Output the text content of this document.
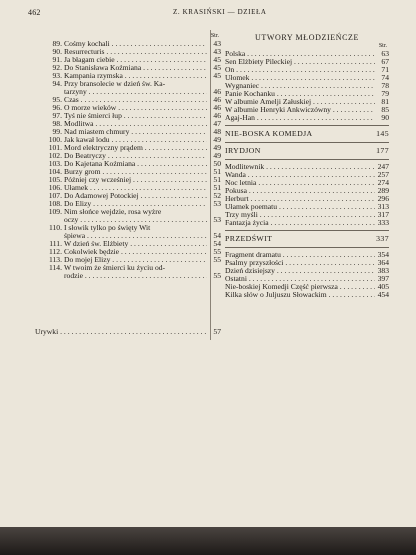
462	Z. KRASIŃSKI — DZIEŁA
Str.
89. Cośmy kochali . . .	43
90. Resurrecturis . . .	43
91. Ja błagam ciebie . . .	45
92. Do Stanisława Koźmiana . . .	45
93. Kampania rzymska . . .	45
94. Przy bransolecie w dzień św. Ka-
tarzyny . . .	46
95. Czas . . .	46
96. O morze wieków . . .	46
97. Tyś nie śmierci łup . . .	46
98. Modlitwa . . .	47
99. Nad miastem chmury . . .	48
100. Jak kawał lodu . . .	49
101. Mord elektryczny prądem . . .	49
102. Do Beatryczy . . .	49
103. Do Kajetana Koźmiana . . .	50
104. Burzy grom . . .	51
105. Później czy wcześniej . . .	51
106. Ułamek . . .	51
107. Do Adamowej Potockiej . . .	52
108. Do Elizy . . .	53
109. Nim słońce wejdzie, rosa wyżre
oczy . . .	53
110. I słowik tylko po święty Wit
śpiewa . . .	54
111. W dzień św. Elżbiety . . .	54
112. Cokolwiek będzie . . .	55
113. Do mojej Elizy . . .	55
114. W twoim że śmierci ku życiu od-
rodzie . . .	55
Urywki . . .	57
UTWORY MŁODZIEŃCZE
Str.
Polska . . .	63
Sen Elżbiety Pileckiej . . .	67
On . . .	71
Ułomek . . .	74
Wygnaniec . . .	78
Panie Kochanku . . .	79
W albumie Amelji Załuskiej . . .	81
W albumie Henryki Ankwiczówny . . .	85
Agaj-Han . . .	90
NIE-BOSKA KOMEDJA	145
IRYDJON	177
Modlitewnik . . .	247
Wanda . . .	257
Noc letnia . . .	274
Pokusa . . .	289
Herburt . . .	296
Ułamek poematu . . .	313
Trzy myśli . . .	317
Fantazja życia . . .	333
PRZEDŚWIT	337
Fragment dramatu . . .	354
Psalmy przyszłości . . .	364
Dzień dzisiejszy . . .	383
Ostatni . . .	397
Nie-boskiej Komedji Część pierwsza . . .	405
Kilka słów o Juljuszu Słowackim . . .	454
